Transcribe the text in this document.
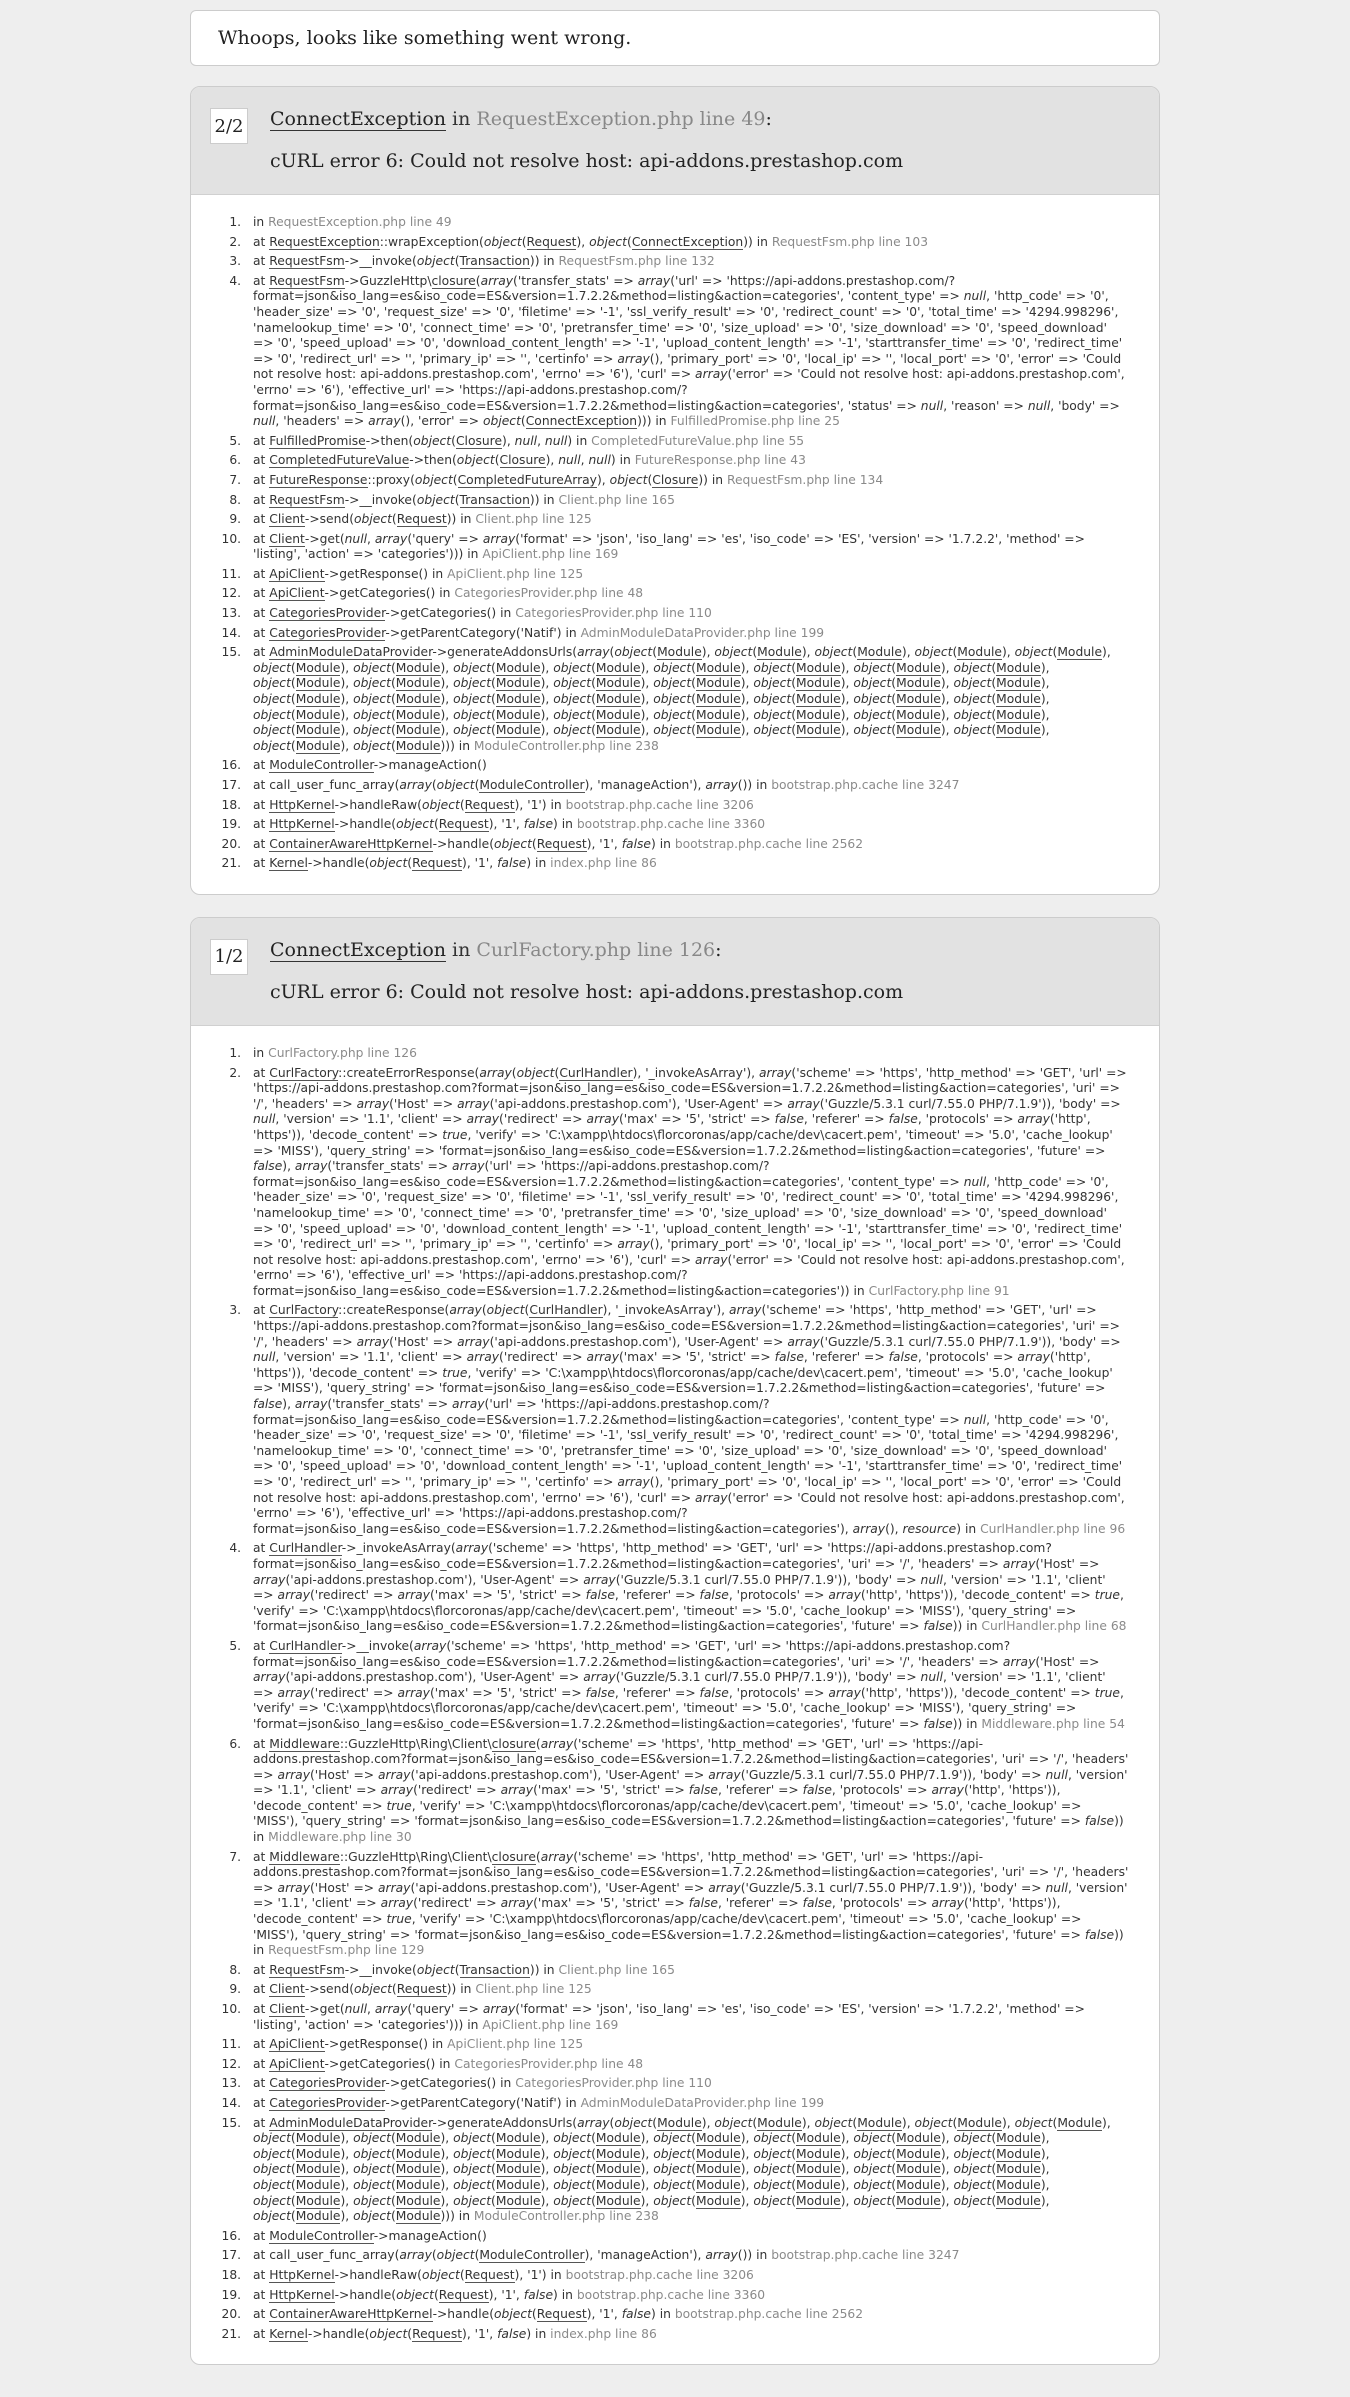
Whoops, looks like something went wrong.
2/2 ConnectException in RequestException.php line 49:
cURL error 6: Could not resolve host: api-addons.prestashop.com
1. in RequestException.php line 49
2. at RequestException::wrapException(object(Request), object(ConnectException)) in RequestFsm.php line 103
3. at RequestFsm->__invoke(object(Transaction)) in RequestFsm.php line 132
4. at RequestFsm->GuzzleHttp\closure(array('transfer_stats' => array('url' => 'https://api-addons.prestashop.com/?format=json&iso_lang=es&iso_code=ES&version=1.7.2.2&method=listing&action=categories', 'content_type' => null, 'http_code' => '0', 'header_size' => '0', 'request_size' => '0', 'filetime' => '-1', 'ssl_verify_result' => '0', 'redirect_count' => '0', 'total_time' => '4294.998296', 'namelookup_time' => '0', 'connect_time' => '0', 'pretransfer_time' => '0', 'size_upload' => '0', 'size_download' => '0', 'speed_download' => '0', 'speed_upload' => '0', 'download_content_length' => '-1', 'upload_content_length' => '-1', 'starttransfer_time' => '0', 'redirect_time' => '0', 'redirect_url' => '', 'primary_ip' => '', 'certinfo' => array(), 'primary_port' => '0', 'local_ip' => '', 'local_port' => '0', 'error' => 'Could not resolve host: api-addons.prestashop.com', 'errno' => '6'), 'curl' => array('error' => 'Could not resolve host: api-addons.prestashop.com', 'errno' => '6'), 'effective_url' => 'https://api-addons.prestashop.com/?format=json&iso_lang=es&iso_code=ES&version=1.7.2.2&method=listing&action=categories', 'status' => null, 'reason' => null, 'body' => null, 'headers' => array(), 'error' => object(ConnectException))) in FulfilledPromise.php line 25
5. at FulfilledPromise->then(object(Closure), null, null) in CompletedFutureValue.php line 55
6. at CompletedFutureValue->then(object(Closure), null, null) in FutureResponse.php line 43
7. at FutureResponse::proxy(object(CompletedFutureArray), object(Closure)) in RequestFsm.php line 134
8. at RequestFsm->__invoke(object(Transaction)) in Client.php line 165
9. at Client->send(object(Request)) in Client.php line 125
10. at Client->get(null, array('query' => array('format' => 'json', 'iso_lang' => 'es', 'iso_code' => 'ES', 'version' => '1.7.2.2', 'method' => 'listing', 'action' => 'categories'))) in ApiClient.php line 169
11. at ApiClient->getResponse() in ApiClient.php line 125
12. at ApiClient->getCategories() in CategoriesProvider.php line 48
13. at CategoriesProvider->getCategories() in CategoriesProvider.php line 110
14. at CategoriesProvider->getParentCategory('Natif') in AdminModuleDataProvider.php line 199
15. at AdminModuleDataProvider->generateAddonsUrls(array(object(Module), object(Module), object(Module), object(Module), object(Module), object(Module), object(Module), object(Module), object(Module), object(Module), object(Module), object(Module), object(Module), object(Module), object(Module), object(Module), object(Module), object(Module), object(Module), object(Module), object(Module), object(Module), object(Module), object(Module), object(Module), object(Module), object(Module), object(Module), object(Module), object(Module), object(Module), object(Module), object(Module), object(Module), object(Module), object(Module), object(Module), object(Module), object(Module), object(Module), object(Module), object(Module), object(Module), object(Module), object(Module), object(Module), object(Module))) in ModuleController.php line 238
16. at ModuleController->manageAction()
17. at call_user_func_array(array(object(ModuleController), 'manageAction'), array()) in bootstrap.php.cache line 3247
18. at HttpKernel->handleRaw(object(Request), '1') in bootstrap.php.cache line 3206
19. at HttpKernel->handle(object(Request), '1', false) in bootstrap.php.cache line 3360
20. at ContainerAwareHttpKernel->handle(object(Request), '1', false) in bootstrap.php.cache line 2562
21. at Kernel->handle(object(Request), '1', false) in index.php line 86
1/2 ConnectException in CurlFactory.php line 126:
cURL error 6: Could not resolve host: api-addons.prestashop.com
1. in CurlFactory.php line 126
2. at CurlFactory::createErrorResponse(array(object(CurlHandler), '_invokeAsArray'), array('scheme' => 'https', 'http_method' => 'GET', 'url' => 'https://api-addons.prestashop.com?format=json&iso_lang=es&iso_code=ES&version=1.7.2.2&method=listing&action=categories', 'uri' => '/', 'headers' => array('Host' => array('api-addons.prestashop.com'), 'User-Agent' => array('Guzzle/5.3.1 curl/7.55.0 PHP/7.1.9')), 'body' => null, 'version' => '1.1', 'client' => array('redirect' => array('max' => '5', 'strict' => false, 'referer' => false, 'protocols' => array('http', 'https')), 'decode_content' => true, 'verify' => 'C:\xampp\htdocs\florcoronas/app/cache/dev\cacert.pem', 'timeout' => '5.0', 'cache_lookup' => 'MISS'), 'query_string' => 'format=json&iso_lang=es&iso_code=ES&version=1.7.2.2&method=listing&action=categories', 'future' => false), array('transfer_stats' => array('url' => 'https://api-addons.prestashop.com/?format=json&iso_lang=es&iso_code=ES&version=1.7.2.2&method=listing&action=categories', 'content_type' => null, 'http_code' => '0', 'header_size' => '0', 'request_size' => '0', 'filetime' => '-1', 'ssl_verify_result' => '0', 'redirect_count' => '0', 'total_time' => '4294.998296', 'namelookup_time' => '0', 'connect_time' => '0', 'pretransfer_time' => '0', 'size_upload' => '0', 'size_download' => '0', 'speed_download' => '0', 'speed_upload' => '0', 'download_content_length' => '-1', 'upload_content_length' => '-1', 'starttransfer_time' => '0', 'redirect_time' => '0', 'redirect_url' => '', 'primary_ip' => '', 'certinfo' => array(), 'primary_port' => '0', 'local_ip' => '', 'local_port' => '0', 'error' => 'Could not resolve host: api-addons.prestashop.com', 'errno' => '6'), 'curl' => array('error' => 'Could not resolve host: api-addons.prestashop.com', 'errno' => '6'), 'effective_url' => 'https://api-addons.prestashop.com/?format=json&iso_lang=es&iso_code=ES&version=1.7.2.2&method=listing&action=categories')) in CurlFactory.php line 91
3. at CurlFactory::createResponse(array(object(CurlHandler), '_invokeAsArray'), array('scheme' => 'https', 'http_method' => 'GET', 'url' => 'https://api-addons.prestashop.com?format=json&iso_lang=es&iso_code=ES&version=1.7.2.2&method=listing&action=categories', 'uri' => '/', 'headers' => array('Host' => array('api-addons.prestashop.com'), 'User-Agent' => array('Guzzle/5.3.1 curl/7.55.0 PHP/7.1.9')), 'body' => null, 'version' => '1.1', 'client' => array('redirect' => array('max' => '5', 'strict' => false, 'referer' => false, 'protocols' => array('http', 'https')), 'decode_content' => true, 'verify' => 'C:\xampp\htdocs\florcoronas/app/cache/dev\cacert.pem', 'timeout' => '5.0', 'cache_lookup' => 'MISS'), 'query_string' => 'format=json&iso_lang=es&iso_code=ES&version=1.7.2.2&method=listing&action=categories', 'future' => false), array('transfer_stats' => array('url' => 'https://api-addons.prestashop.com/?format=json&iso_lang=es&iso_code=ES&version=1.7.2.2&method=listing&action=categories', 'content_type' => null, 'http_code' => '0', 'header_size' => '0', 'request_size' => '0', 'filetime' => '-1', 'ssl_verify_result' => '0', 'redirect_count' => '0', 'total_time' => '4294.998296', 'namelookup_time' => '0', 'connect_time' => '0', 'pretransfer_time' => '0', 'size_upload' => '0', 'size_download' => '0', 'speed_download' => '0', 'speed_upload' => '0', 'download_content_length' => '-1', 'upload_content_length' => '-1', 'starttransfer_time' => '0', 'redirect_time' => '0', 'redirect_url' => '', 'primary_ip' => '', 'certinfo' => array(), 'primary_port' => '0', 'local_ip' => '', 'local_port' => '0', 'error' => 'Could not resolve host: api-addons.prestashop.com', 'errno' => '6'), 'curl' => array('error' => 'Could not resolve host: api-addons.prestashop.com', 'errno' => '6'), 'effective_url' => 'https://api-addons.prestashop.com/?format=json&iso_lang=es&iso_code=ES&version=1.7.2.2&method=listing&action=categories'), array(), resource) in CurlHandler.php line 96
4. at CurlHandler->_invokeAsArray(array('scheme' => 'https', 'http_method' => 'GET', 'url' => 'https://api-addons.prestashop.com?format=json&iso_lang=es&iso_code=ES&version=1.7.2.2&method=listing&action=categories', 'uri' => '/', 'headers' => array('Host' => array('api-addons.prestashop.com'), 'User-Agent' => array('Guzzle/5.3.1 curl/7.55.0 PHP/7.1.9')), 'body' => null, 'version' => '1.1', 'client' => array('redirect' => array('max' => '5', 'strict' => false, 'referer' => false, 'protocols' => array('http', 'https')), 'decode_content' => true, 'verify' => 'C:\xampp\htdocs\florcoronas/app/cache/dev\cacert.pem', 'timeout' => '5.0', 'cache_lookup' => 'MISS'), 'query_string' => 'format=json&iso_lang=es&iso_code=ES&version=1.7.2.2&method=listing&action=categories', 'future' => false)) in CurlHandler.php line 68
5. at CurlHandler->__invoke(array('scheme' => 'https', 'http_method' => 'GET', 'url' => 'https://api-addons.prestashop.com?format=json&iso_lang=es&iso_code=ES&version=1.7.2.2&method=listing&action=categories', 'uri' => '/', 'headers' => array('Host' => array('api-addons.prestashop.com'), 'User-Agent' => array('Guzzle/5.3.1 curl/7.55.0 PHP/7.1.9')), 'body' => null, 'version' => '1.1', 'client' => array('redirect' => array('max' => '5', 'strict' => false, 'referer' => false, 'protocols' => array('http', 'https')), 'decode_content' => true, 'verify' => 'C:\xampp\htdocs\florcoronas/app/cache/dev\cacert.pem', 'timeout' => '5.0', 'cache_lookup' => 'MISS'), 'query_string' => 'format=json&iso_lang=es&iso_code=ES&version=1.7.2.2&method=listing&action=categories', 'future' => false)) in Middleware.php line 54
6. at Middleware::GuzzleHttp\Ring\Client\closure(array('scheme' => 'https', 'http_method' => 'GET', 'url' => 'https://api-addons.prestashop.com?format=json&iso_lang=es&iso_code=ES&version=1.7.2.2&method=listing&action=categories', 'uri' => '/', 'headers' => array('Host' => array('api-addons.prestashop.com'), 'User-Agent' => array('Guzzle/5.3.1 curl/7.55.0 PHP/7.1.9')), 'body' => null, 'version' => '1.1', 'client' => array('redirect' => array('max' => '5', 'strict' => false, 'referer' => false, 'protocols' => array('http', 'https')), 'decode_content' => true, 'verify' => 'C:\xampp\htdocs\florcoronas/app/cache/dev\cacert.pem', 'timeout' => '5.0', 'cache_lookup' => 'MISS'), 'query_string' => 'format=json&iso_lang=es&iso_code=ES&version=1.7.2.2&method=listing&action=categories', 'future' => false)) in Middleware.php line 30
7. at Middleware::GuzzleHttp\Ring\Client\closure(array('scheme' => 'https', 'http_method' => 'GET', 'url' => 'https://api-addons.prestashop.com?format=json&iso_lang=es&iso_code=ES&version=1.7.2.2&method=listing&action=categories', 'uri' => '/', 'headers' => array('Host' => array('api-addons.prestashop.com'), 'User-Agent' => array('Guzzle/5.3.1 curl/7.55.0 PHP/7.1.9')), 'body' => null, 'version' => '1.1', 'client' => array('redirect' => array('max' => '5', 'strict' => false, 'referer' => false, 'protocols' => array('http', 'https')), 'decode_content' => true, 'verify' => 'C:\xampp\htdocs\florcoronas/app/cache/dev\cacert.pem', 'timeout' => '5.0', 'cache_lookup' => 'MISS'), 'query_string' => 'format=json&iso_lang=es&iso_code=ES&version=1.7.2.2&method=listing&action=categories', 'future' => false)) in RequestFsm.php line 129
8. at RequestFsm->__invoke(object(Transaction)) in Client.php line 165
9. at Client->send(object(Request)) in Client.php line 125
10. at Client->get(null, array('query' => array('format' => 'json', 'iso_lang' => 'es', 'iso_code' => 'ES', 'version' => '1.7.2.2', 'method' => 'listing', 'action' => 'categories'))) in ApiClient.php line 169
11. at ApiClient->getResponse() in ApiClient.php line 125
12. at ApiClient->getCategories() in CategoriesProvider.php line 48
13. at CategoriesProvider->getCategories() in CategoriesProvider.php line 110
14. at CategoriesProvider->getParentCategory('Natif') in AdminModuleDataProvider.php line 199
15. at AdminModuleDataProvider->generateAddonsUrls(array(object(Module), object(Module), object(Module), object(Module), object(Module), object(Module), object(Module), object(Module), object(Module), object(Module), object(Module), object(Module), object(Module), object(Module), object(Module), object(Module), object(Module), object(Module), object(Module), object(Module), object(Module), object(Module), object(Module), object(Module), object(Module), object(Module), object(Module), object(Module), object(Module), object(Module), object(Module), object(Module), object(Module), object(Module), object(Module), object(Module), object(Module), object(Module), object(Module), object(Module), object(Module), object(Module), object(Module), object(Module), object(Module), object(Module), object(Module))) in ModuleController.php line 238
16. at ModuleController->manageAction()
17. at call_user_func_array(array(object(ModuleController), 'manageAction'), array()) in bootstrap.php.cache line 3247
18. at HttpKernel->handleRaw(object(Request), '1') in bootstrap.php.cache line 3206
19. at HttpKernel->handle(object(Request), '1', false) in bootstrap.php.cache line 3360
20. at ContainerAwareHttpKernel->handle(object(Request), '1', false) in bootstrap.php.cache line 2562
21. at Kernel->handle(object(Request), '1', false) in index.php line 86
